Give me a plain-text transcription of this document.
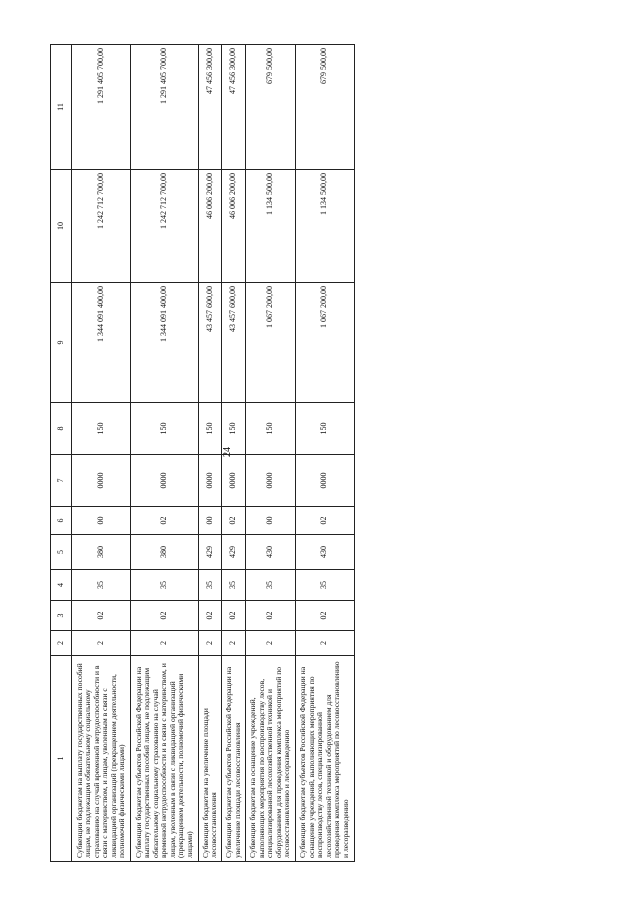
24
1	2	3	4	5	6	7	8	9	10	11
Субвенции бюджетам на выплату государственных пособий лицам, не подлежащим обязательному социальному страхованию на случай временной нетрудоспособности и в связи с материнством, и лицам, уволенным в связи с ликвидацией организаций (прекращением деятельности, полномочий физическими лицами)	2	02	35	380	00	0000	150	1 344 091 400,00	1 242 712 700,00	1 291 405 700,00
Субвенции бюджетам субъектов Российской Федерации на выплату государственных пособий лицам, не подлежащим обязательному социальному страхованию на случай временной нетрудоспособности и в связи с материнством, и лицам, уволенным в связи с ликвидацией организаций (прекращением деятельности, полномочий физическими лицами)	2	02	35	380	02	0000	150	1 344 091 400,00	1 242 712 700,00	1 291 405 700,00
Субвенции бюджетам на увеличение площади лесовосстановления	2	02	35	429	00	0000	150	43 457 600,00	46 006 200,00	47 456 300,00
Субвенции бюджетам субъектов Российской Федерации на увеличение площади лесовосстановления	2	02	35	429	02	0000	150	43 457 600,00	46 006 200,00	47 456 300,00
Субвенции бюджетам на оснащение учреждений, выполняющих мероприятия по воспроизводству лесов, специализированной лесохозяйственной техникой и оборудованием для проведения комплекса мероприятий по лесовосстановлению и лесоразведению	2	02	35	430	00	0000	150	1 067 200,00	1 134 500,00	679 500,00
Субвенции бюджетам субъектов Российской Федерации на оснащение учреждений, выполняющих мероприятия по воспроизводству лесов, специализированной лесохозяйственной техникой и оборудованием для проведения комплекса мероприятий по лесовосстановлению и лесоразведению	2	02	35	430	02	0000	150	1 067 200,00	1 134 500,00	679 500,00
